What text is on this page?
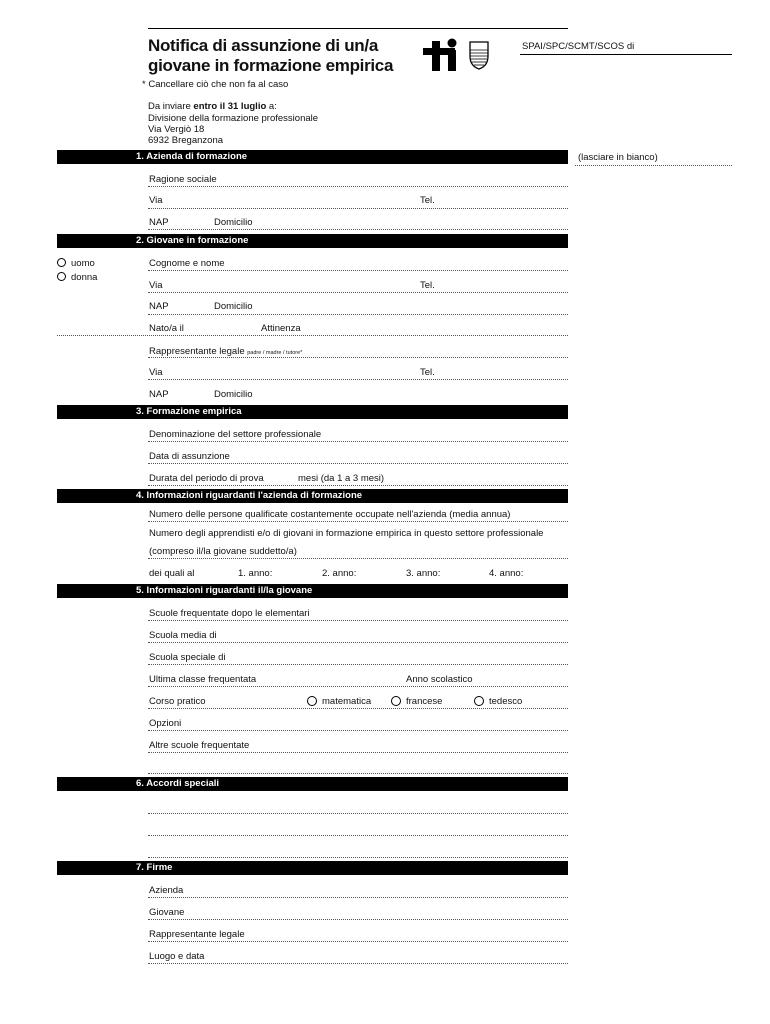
Notifica di assunzione di un/a
giovane in formazione empirica
SPAI/SPC/SCMT/SCOS di
* Cancellare ciò che non fa al caso
Da inviare entro il 31 luglio a:
Divisione della formazione professionale
Via Vergiò 18
6932 Breganzona
(lasciare in bianco)
1. Azienda di formazione
Ragione sociale
Via	Tel.
NAP	Domicilio
2. Giovane in formazione
uomo
donna
Cognome e nome
Via	Tel.
NAP	Domicilio
Nato/a il	Attinenza
Rappresentante legale padre / madre / tutore*
Via	Tel.
NAP	Domicilio
3. Formazione empirica
Denominazione del settore professionale
Data di assunzione
Durata del periodo di prova	mesi (da 1 a 3 mesi)
4. Informazioni riguardanti l'azienda di formazione
Numero delle persone qualificate costantemente occupate nell'azienda (media annua)
Numero degli apprendisti e/o di giovani in formazione empirica in questo settore professionale
(compreso il/la giovane suddetto/a)
dei quali al	1. anno:	2. anno:	3. anno:	4. anno:
5. Informazioni riguardanti il/la giovane
Scuole frequentate dopo le elementari
Scuola media di
Scuola speciale di
Ultima classe frequentata	Anno scolastico
Corso pratico	matematica	francese	tedesco
Opzioni
Altre scuole frequentate
6. Accordi speciali
7. Firme
Azienda
Giovane
Rappresentante legale
Luogo e data
